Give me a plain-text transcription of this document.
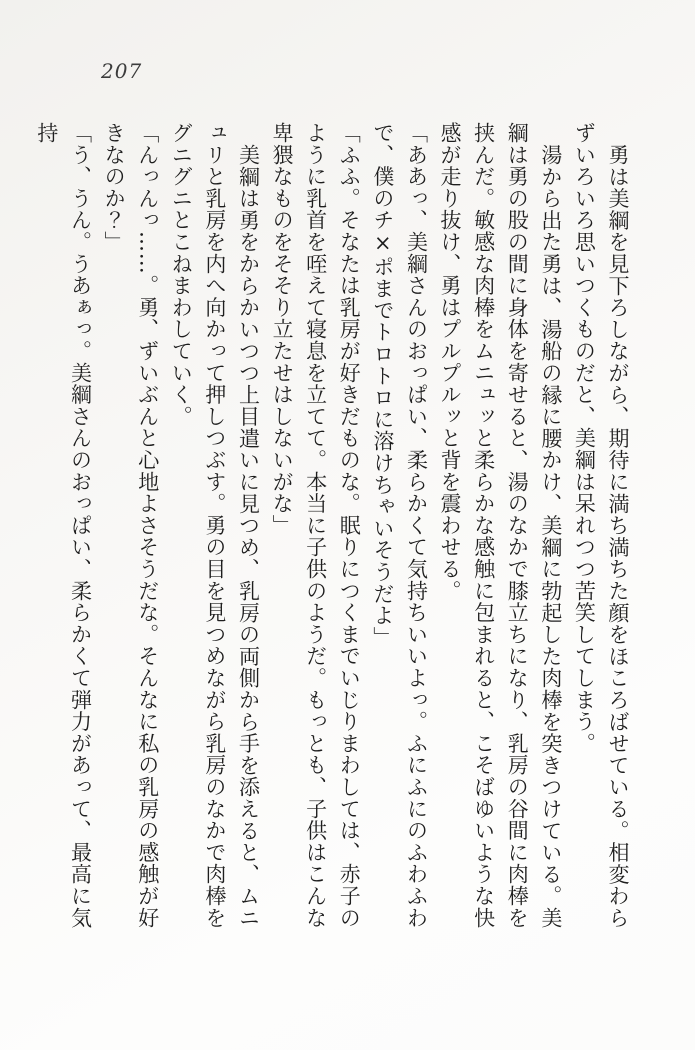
207

勇は美綱を見下ろしながら、期待に満ち満ちた顔をほころばせている。相変わらずいろいろ思いつくものだと、美綱は呆れつつ苦笑してしまう。

湯から出た勇は、湯船の縁に腰かけ、美綱に勃起した肉棒を突きつけている。美綱は勇の股の間に身体を寄せると、湯のなかで膝立ちになり、乳房の谷間に肉棒を挟んだ。敏感な肉棒をムニュッと柔らかな感触に包まれると、こそばゆいような快感が走り抜け、勇はプルプルッと背を震わせる。

「ああっ、美綱さんのおっぱい、柔らかくて気持ちいいよっ。ふにふにのふわふわで、僕のチ×ポまでトロトロに溶けちゃいそうだよ」

「ふふ。そなたは乳房が好きだものな。眠りにつくまでいじりまわしては、赤子のように乳首を咥えて寝息を立てて。本当に子供のようだ。もっとも、子供はこんな卑猥なものをそそり立たせはしないがな」

美綱は勇をからかいつつ上目遣いに見つめ、乳房の両側から手を添えると、ムニュリと乳房を内へ向かって押しつぶす。勇の目を見つめながら乳房のなかで肉棒をグニグニとこねまわしていく。

「んっんっ……。勇、ずいぶんと心地よさそうだな。そんなに私の乳房の感触が好きなのか？」

「う、うん。うあぁっ。美綱さんのおっぱい、柔らかくて弾力があって、最高に気持
